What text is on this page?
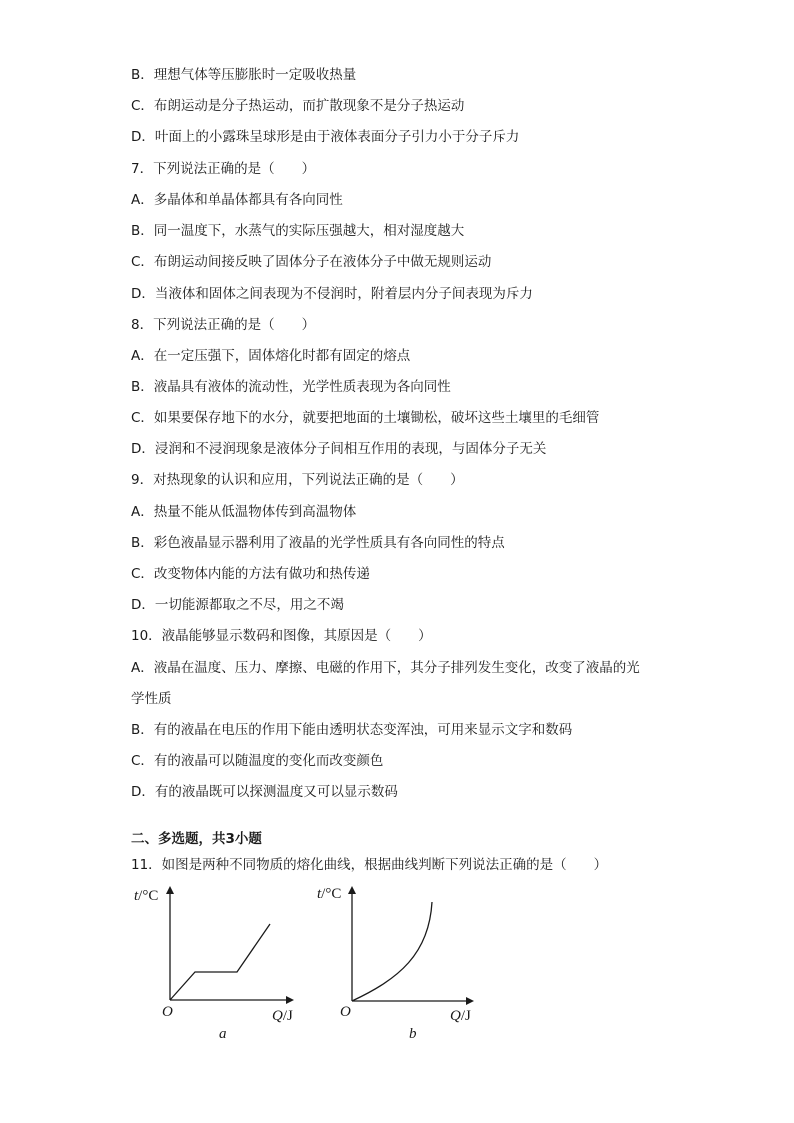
B．理想气体等压膨胀时一定吸收热量
C．布朗运动是分子热运动，而扩散现象不是分子热运动
D．叶面上的小露珠呈球形是由于液体表面分子引力小于分子斥力
7．下列说法正确的是（　　）
A．多晶体和单晶体都具有各向同性
B．同一温度下，水蒸气的实际压强越大，相对湿度越大
C．布朗运动间接反映了固体分子在液体分子中做无规则运动
D．当液体和固体之间表现为不侵润时，附着层内分子间表现为斥力
8．下列说法正确的是（　　）
A．在一定压强下，固体熔化时都有固定的熔点
B．液晶具有液体的流动性，光学性质表现为各向同性
C．如果要保存地下的水分，就要把地面的土壤锄松，破坏这些土壤里的毛细管
D．浸润和不浸润现象是液体分子间相互作用的表现，与固体分子无关
9．对热现象的认识和应用，下列说法正确的是（　　）
A．热量不能从低温物体传到高温物体
B．彩色液晶显示器利用了液晶的光学性质具有各向同性的特点
C．改变物体内能的方法有做功和热传递
D．一切能源都取之不尽，用之不竭
10．液晶能够显示数码和图像，其原因是（　　）
A．液晶在温度、压力、摩擦、电磁的作用下，其分子排列发生变化，改变了液晶的光
学性质
B．有的液晶在电压的作用下能由透明状态变浑浊，可用来显示文字和数码
C．有的液晶可以随温度的变化而改变颜色
D．有的液晶既可以探测温度又可以显示数码
二、多选题，共3小题
11．如图是两种不同物质的熔化曲线，根据曲线判断下列说法正确的是（　　）
t/°C
O	Q/J
a
t/°C
O	Q/J
b
